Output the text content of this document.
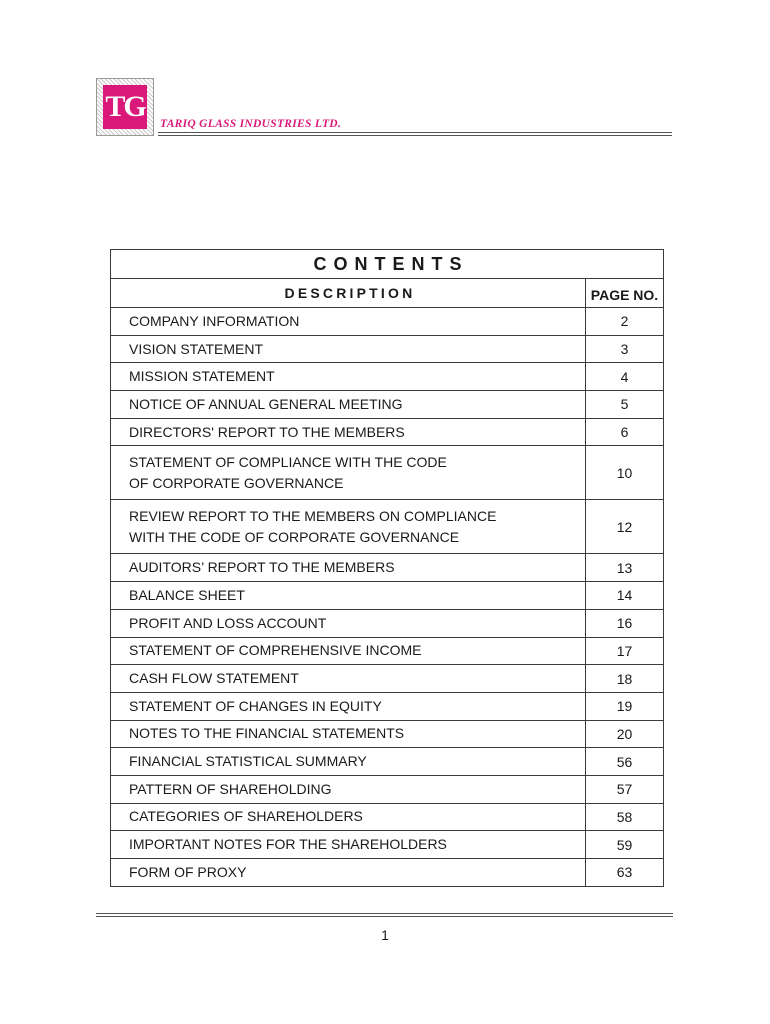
TG
TARIQ GLASS INDUSTRIES LTD.
CONTENTS	
DESCRIPTION	PAGE NO.

COMPANY INFORMATION	2

VISION STATEMENT	3

MISSION STATEMENT	4

NOTICE OF ANNUAL GENERAL MEETING	5

DIRECTORS' REPORT TO THE MEMBERS	6

STATEMENT OF COMPLIANCE WITH THE CODE
OF CORPORATE GOVERNANCE	10

REVIEW REPORT TO THE MEMBERS ON COMPLIANCE
WITH THE CODE OF CORPORATE GOVERNANCE	12

AUDITORS’ REPORT TO THE MEMBERS	13

BALANCE SHEET	14

PROFIT AND LOSS ACCOUNT	16

STATEMENT OF COMPREHENSIVE INCOME	17

CASH FLOW STATEMENT	18

STATEMENT OF CHANGES IN EQUITY	19

NOTES TO THE FINANCIAL STATEMENTS	20

FINANCIAL STATISTICAL SUMMARY	56

PATTERN OF SHAREHOLDING	57

CATEGORIES OF SHAREHOLDERS	58

IMPORTANT NOTES FOR THE SHAREHOLDERS	59

FORM OF PROXY	63
1
